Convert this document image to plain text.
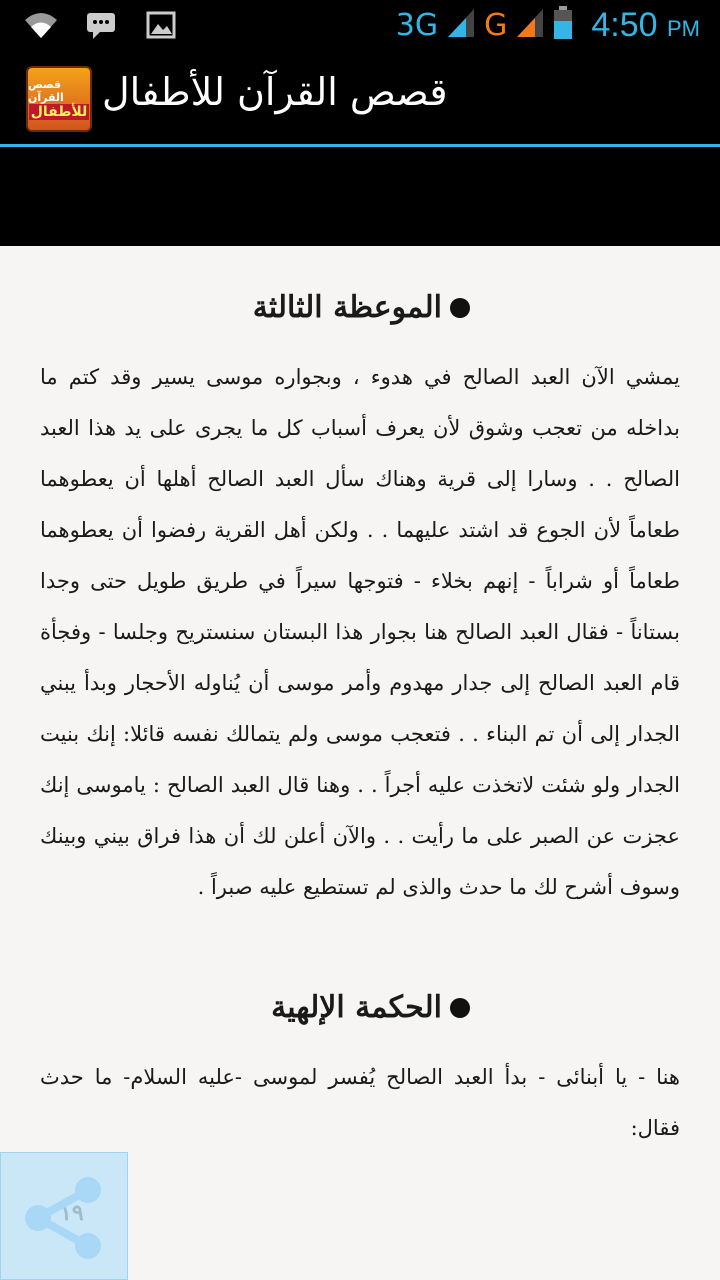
3G G 4:50 PM
قصص القرآن
للأطفال قصص القرآن للأطفال
الموعظة الثالثة
يمشي الآن العبد الصالح في هدوء ، وبجواره موسى يسير وقد كتم ما بداخله من تعجب وشوق لأن يعرف أسباب كل ما يجرى على يد هذا العبد الصالح . . وسارا إلى قرية وهناك سأل العبد الصالح أهلها أن يعطوهما طعاماً لأن الجوع قد اشتد عليهما . . ولكن أهل القرية رفضوا أن يعطوهما طعاماً أو شراباً - إنهم بخلاء - فتوجها سيراً في طريق طويل حتى وجدا بستاناً - فقال العبد الصالح هنا بجوار هذا البستان سنستريح وجلسا - وفجأة قام العبد الصالح إلى جدار مهدوم وأمر موسى أن يُناوله الأحجار وبدأ يبني الجدار إلى أن تم البناء . . فتعجب موسى ولم يتمالك نفسه قائلا: إنك بنيت الجدار ولو شئت لاتخذت عليه أجراً . . وهنا قال العبد الصالح : ياموسى إنك عجزت عن الصبر على ما رأيت . . والآن أعلن لك أن هذا فراق بيني وبينك وسوف أشرح لك ما حدث والذى لم تستطيع عليه صبراً .
الحكمة الإلهية
هنا - يا أبنائى - بدأ العبد الصالح يُفسر لموسى -عليه السلام- ما حدث فقال:
